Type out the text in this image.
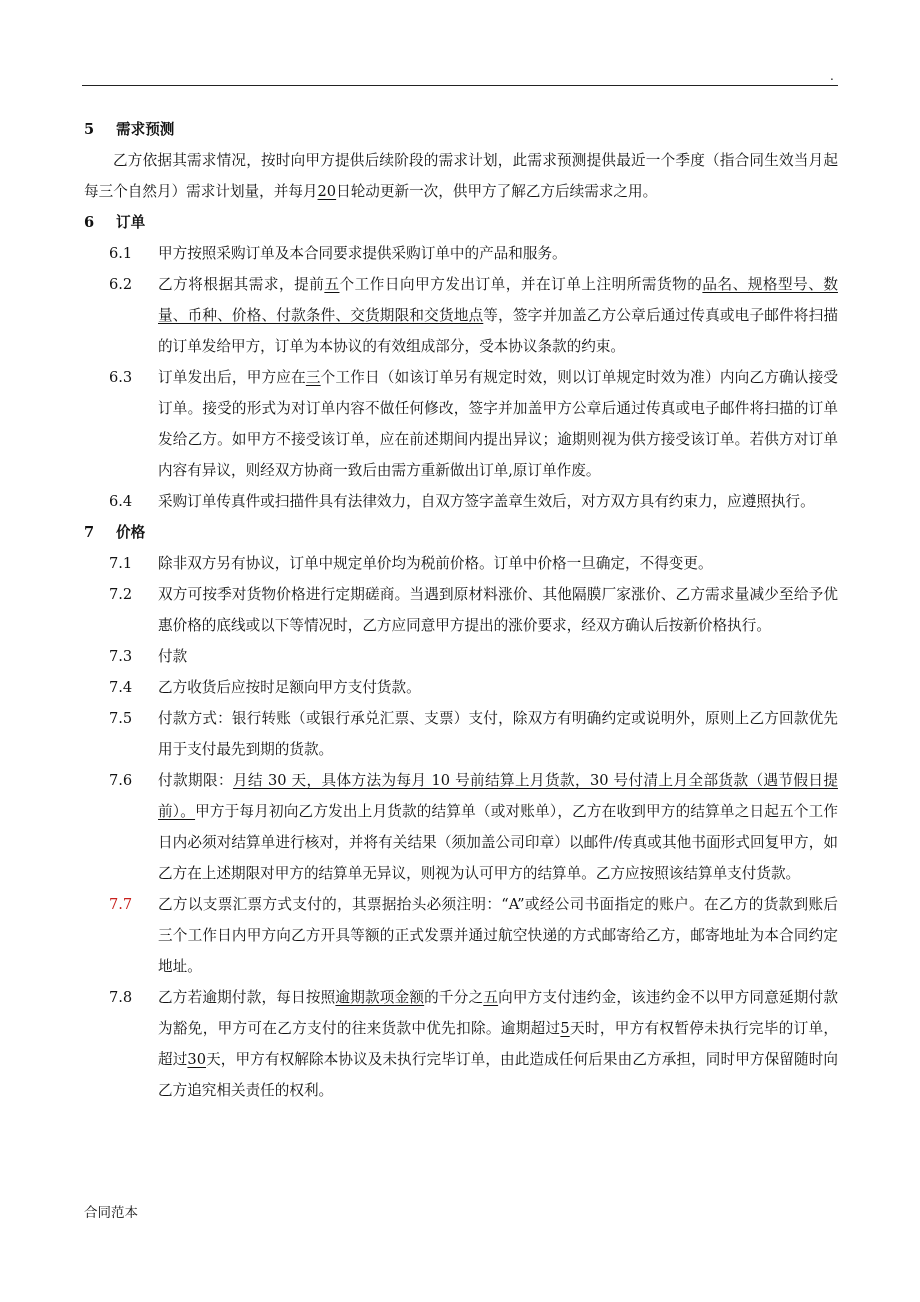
.
5	需求预测
乙方依据其需求情况，按时向甲方提供后续阶段的需求计划，此需求预测提供最近一个季度（指合同生效当月起每三个自然月）需求计划量，并每月20日轮动更新一次，供甲方了解乙方后续需求之用。
6	订单
6.1	甲方按照采购订单及本合同要求提供采购订单中的产品和服务。
6.2	乙方将根据其需求，提前五个工作日向甲方发出订单，并在订单上注明所需货物的品名、规格型号、数量、币种、价格、付款条件、交货期限和交货地点等，签字并加盖乙方公章后通过传真或电子邮件将扫描的订单发给甲方，订单为本协议的有效组成部分，受本协议条款的约束。
6.3	订单发出后，甲方应在三个工作日（如该订单另有规定时效，则以订单规定时效为准）内向乙方确认接受订单。接受的形式为对订单内容不做任何修改，签字并加盖甲方公章后通过传真或电子邮件将扫描的订单发给乙方。如甲方不接受该订单，应在前述期间内提出异议；逾期则视为供方接受该订单。若供方对订单内容有异议，则经双方协商一致后由需方重新做出订单,原订单作废。
6.4	采购订单传真件或扫描件具有法律效力，自双方签字盖章生效后，对方双方具有约束力，应遵照执行。
7	价格
7.1	除非双方另有协议，订单中规定单价均为税前价格。订单中价格一旦确定，不得变更。
7.2	双方可按季对货物价格进行定期磋商。当遇到原材料涨价、其他隔膜厂家涨价、乙方需求量减少至给予优惠价格的底线或以下等情况时，乙方应同意甲方提出的涨价要求，经双方确认后按新价格执行。
7.3	付款
7.4	乙方收货后应按时足额向甲方支付货款。
7.5	付款方式：银行转账（或银行承兑汇票、支票）支付，除双方有明确约定或说明外，原则上乙方回款优先用于支付最先到期的货款。
7.6	付款期限：月结 30 天，具体方法为每月 10 号前结算上月货款，30 号付清上月全部货款（遇节假日提前）。甲方于每月初向乙方发出上月货款的结算单（或对账单），乙方在收到甲方的结算单之日起五个工作日内必须对结算单进行核对，并将有关结果（须加盖公司印章）以邮件/传真或其他书面形式回复甲方，如乙方在上述期限对甲方的结算单无异议，则视为认可甲方的结算单。乙方应按照该结算单支付货款。
7.7	乙方以支票汇票方式支付的，其票据抬头必须注明：“A”或经公司书面指定的账户。在乙方的货款到账后三个工作日内甲方向乙方开具等额的正式发票并通过航空快递的方式邮寄给乙方，邮寄地址为本合同约定地址。
7.8	乙方若逾期付款，每日按照逾期款项金额的千分之五向甲方支付违约金，该违约金不以甲方同意延期付款为豁免，甲方可在乙方支付的往来货款中优先扣除。逾期超过5天时，甲方有权暂停未执行完毕的订单，超过30天，甲方有权解除本协议及未执行完毕订单，由此造成任何后果由乙方承担，同时甲方保留随时向乙方追究相关责任的权利。
合同范本
